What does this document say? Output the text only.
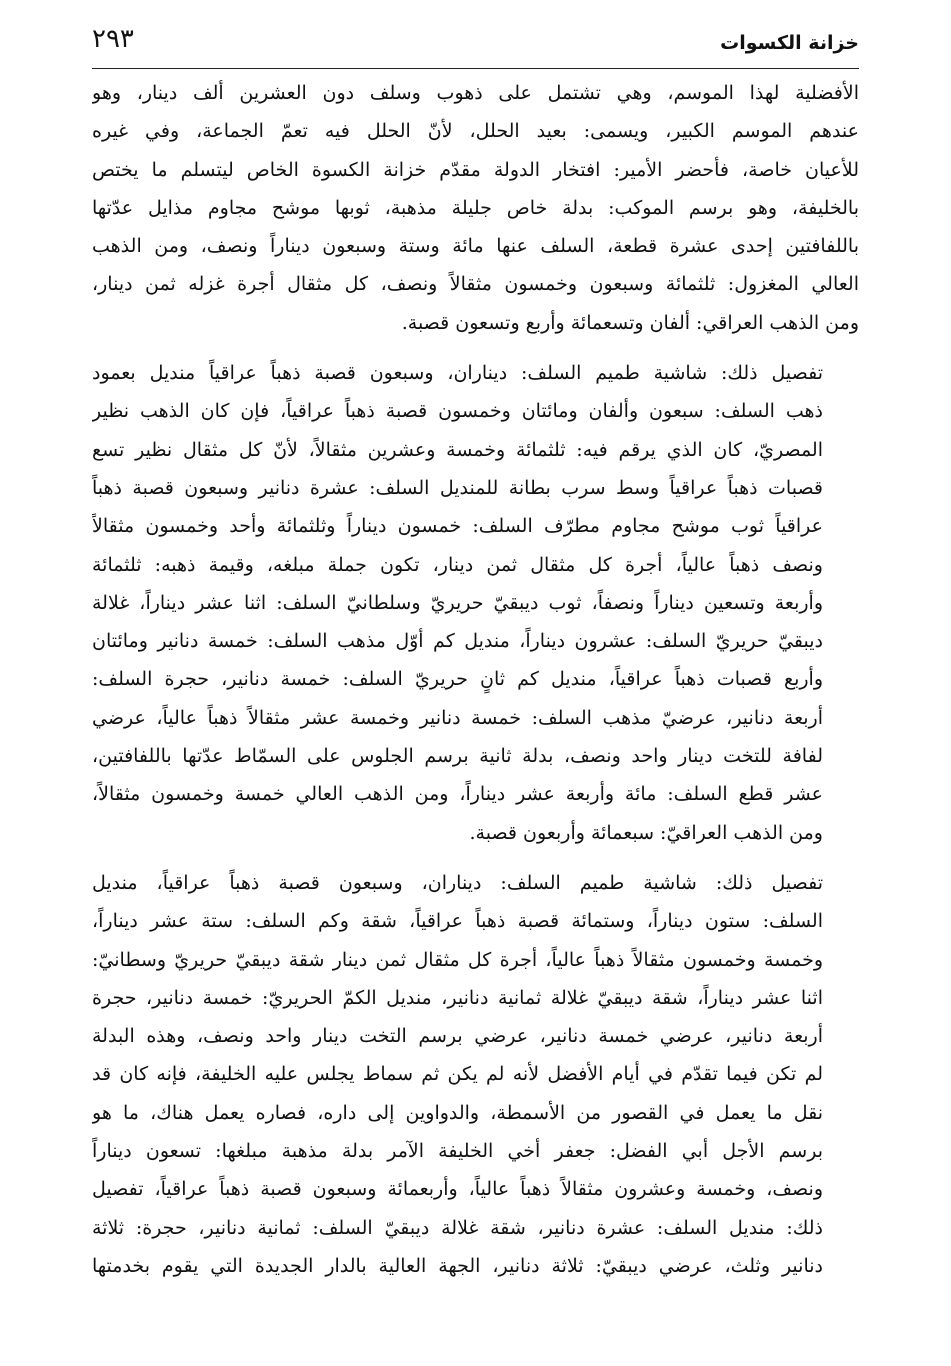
خزانة الكسوات
٢٩٣

الأفضلية لهذا الموسم، وهي تشتمل على ذهوب وسلف دون العشرين ألف دينار، وهو
عندهم الموسم الكبير، ويسمى: بعيد الحلل، لأنّ الحلل فيه تعمّ الجماعة، وفي غيره
للأعيان خاصة، فأحضر الأمير: افتخار الدولة مقدّم خزانة الكسوة الخاص ليتسلم ما يختص
بالخليفة، وهو برسم الموكب: بدلة خاص جليلة مذهبة، ثوبها موشح مجاوم مذايل عدّتها
باللفافتين إحدى عشرة قطعة، السلف عنها مائة وستة وسبعون ديناراً ونصف، ومن الذهب
العالي المغزول: ثلثمائة وسبعون وخمسون مثقالاً ونصف، كل مثقال أجرة غزله ثمن دينار،
ومن الذهب العراقي: ألفان وتسعمائة وأربع وتسعون قصبة.

تفصيل ذلك: شاشية طميم السلف: ديناران، وسبعون قصبة ذهباً عراقياً منديل بعمود
ذهب السلف: سبعون وألفان ومائتان وخمسون قصبة ذهباً عراقياً، فإن كان الذهب نظير
المصريّ، كان الذي يرقم فيه: ثلثمائة وخمسة وعشرين مثقالاً، لأنّ كل مثقال نظير تسع
قصبات ذهباً عراقياً وسط سرب بطانة للمنديل السلف: عشرة دنانير وسبعون قصبة ذهباً
عراقياً ثوب موشح مجاوم مطرّف السلف: خمسون ديناراً وثلثمائة وأحد وخمسون مثقالاً
ونصف ذهباً عالياً، أجرة كل مثقال ثمن دينار، تكون جملة مبلغه، وقيمة ذهبه: ثلثمائة
وأربعة وتسعين ديناراً ونصفاً، ثوب ديبقيّ حريريّ وسلطانيّ السلف: اثنا عشر ديناراً، غلالة
ديبقيّ حريريّ السلف: عشرون ديناراً، منديل كم أوّل مذهب السلف: خمسة دنانير ومائتان
وأربع قصبات ذهباً عراقياً، منديل كم ثانٍ حريريّ السلف: خمسة دنانير، حجرة السلف:
أربعة دنانير، عرضيّ مذهب السلف: خمسة دنانير وخمسة عشر مثقالاً ذهباً عالياً، عرضي
لفافة للتخت دينار واحد ونصف، بدلة ثانية برسم الجلوس على السمّاط عدّتها باللفافتين،
عشر قطع السلف: مائة وأربعة عشر ديناراً، ومن الذهب العالي خمسة وخمسون مثقالاً،
ومن الذهب العراقيّ: سبعمائة وأربعون قصبة.

تفصيل ذلك: شاشية طميم السلف: ديناران، وسبعون قصبة ذهباً عراقياً، منديل
السلف: ستون ديناراً، وستمائة قصبة ذهباً عراقياً، شقة وكم السلف: ستة عشر ديناراً،
وخمسة وخمسون مثقالاً ذهباً عالياً، أجرة كل مثقال ثمن دينار شقة ديبقيّ حريريّ وسطانيّ:
اثنا عشر ديناراً، شقة ديبقيّ غلالة ثمانية دنانير، منديل الكمّ الحريريّ: خمسة دنانير، حجرة
أربعة دنانير، عرضي خمسة دنانير، عرضي برسم التخت دينار واحد ونصف، وهذه البدلة
لم تكن فيما تقدّم في أيام الأفضل لأنه لم يكن ثم سماط يجلس عليه الخليفة، فإنه كان قد
نقل ما يعمل في القصور من الأسمطة، والدواوين إلى داره، فصاره يعمل هناك، ما هو
برسم الأجل أبي الفضل: جعفر أخي الخليفة الآمر بدلة مذهبة مبلغها: تسعون ديناراً
ونصف، وخمسة وعشرون مثقالاً ذهباً عالياً، وأربعمائة وسبعون قصبة ذهباً عراقياً، تفصيل
ذلك: منديل السلف: عشرة دنانير، شقة غلالة ديبقيّ السلف: ثمانية دنانير، حجرة: ثلاثة
دنانير وثلث، عرضي ديبقيّ: ثلاثة دنانير، الجهة العالية بالدار الجديدة التي يقوم بخدمتها
